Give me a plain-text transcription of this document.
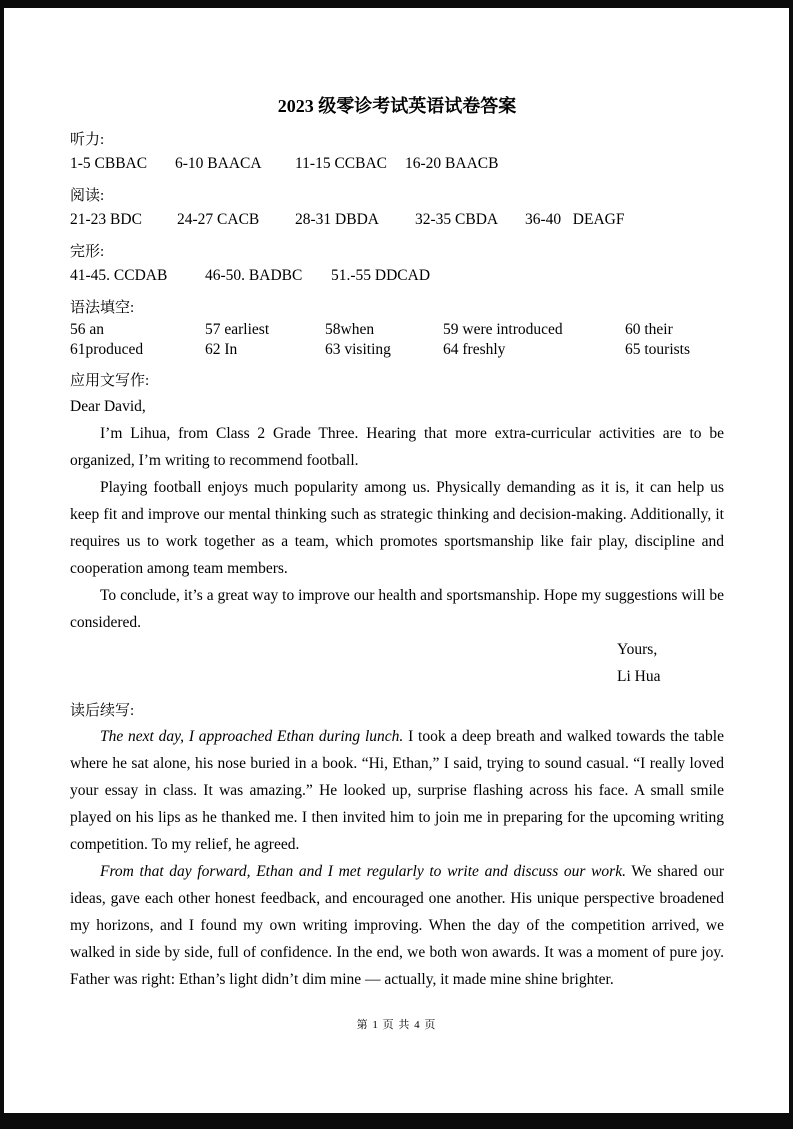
2023 级零诊考试英语试卷答案
听力:
1-5 CBBAC	6-10 BAACA	11-15 CCBAC	16-20 BAACB
阅读:
21-23 BDC	24-27 CACB	28-31 DBDA	32-35 CBDA	36-40   DEAGF
完形:
41-45. CCDAB	46-50. BADBC	51.-55 DDCAD
语法填空:
56 an	57 earliest	58when	59 were introduced	60 their
61produced	62 In	63 visiting	64 freshly	65 tourists
应用文写作:

Dear David,

I’m Lihua, from Class 2 Grade Three. Hearing that more extra-curricular activities are to be organized, I’m writing to recommend football.

Playing football enjoys much popularity among us. Physically demanding as it is, it can help us keep fit and improve our mental thinking such as strategic thinking and decision-making. Additionally, it requires us to work together as a team, which promotes sportsmanship like fair play, discipline and cooperation among team members.

To conclude, it’s a great way to improve our health and sportsmanship. Hope my suggestions will be considered.

Yours,
Li Hua
读后续写:

The next day, I approached Ethan during lunch. I took a deep breath and walked towards the table where he sat alone, his nose buried in a book. “Hi, Ethan,” I said, trying to sound casual. “I really loved your essay in class. It was amazing.” He looked up, surprise flashing across his face. A small smile played on his lips as he thanked me. I then invited him to join me in preparing for the upcoming writing competition. To my relief, he agreed.

From that day forward, Ethan and I met regularly to write and discuss our work. We shared our ideas, gave each other honest feedback, and encouraged one another. His unique perspective broadened my horizons, and I found my own writing improving. When the day of the competition arrived, we walked in side by side, full of confidence. In the end, we both won awards. It was a moment of pure joy. Father was right: Ethan’s light didn’t dim mine — actually, it made mine shine brighter.

第 1 页 共 4 页
